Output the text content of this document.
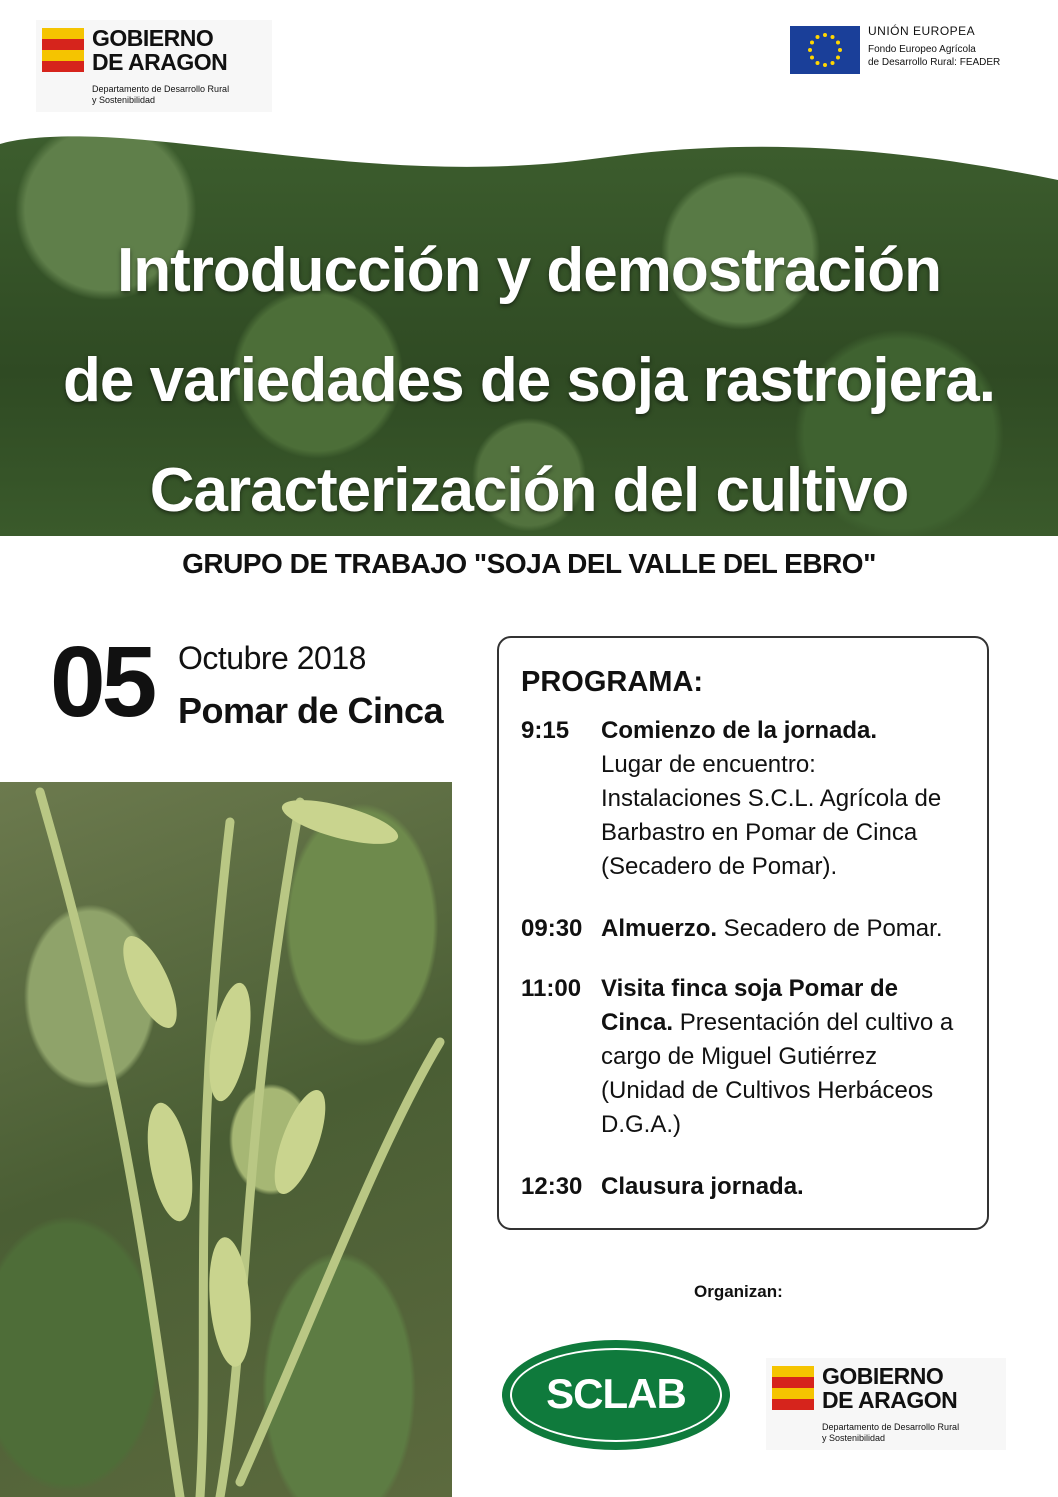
GOBIERNO
DE ARAGON
Departamento de Desarrollo Rural
y Sostenibilidad
UNIÓN EUROPEA
Fondo Europeo Agrícola
de Desarrollo Rural: FEADER
Introducción y demostración
de variedades de soja rastrojera.
Caracterización del cultivo
GRUPO DE TRABAJO "SOJA DEL VALLE DEL EBRO"
05 Octubre 2018
Pomar de Cinca
PROGRAMA:
9:15 Comienzo de la jornada.
Lugar de encuentro:
Instalaciones S.C.L. Agrícola de
Barbastro en Pomar de Cinca
(Secadero de Pomar).
09:30 Almuerzo. Secadero de Pomar.
11:00 Visita finca soja Pomar de
Cinca. Presentación del cultivo a
cargo de Miguel Gutiérrez
(Unidad de Cultivos Herbáceos
D.G.A.)
12:30 Clausura jornada.
Organizan:
SCLAB	GOBIERNO
DE ARAGON
Departamento de Desarrollo Rural
y Sostenibilidad
